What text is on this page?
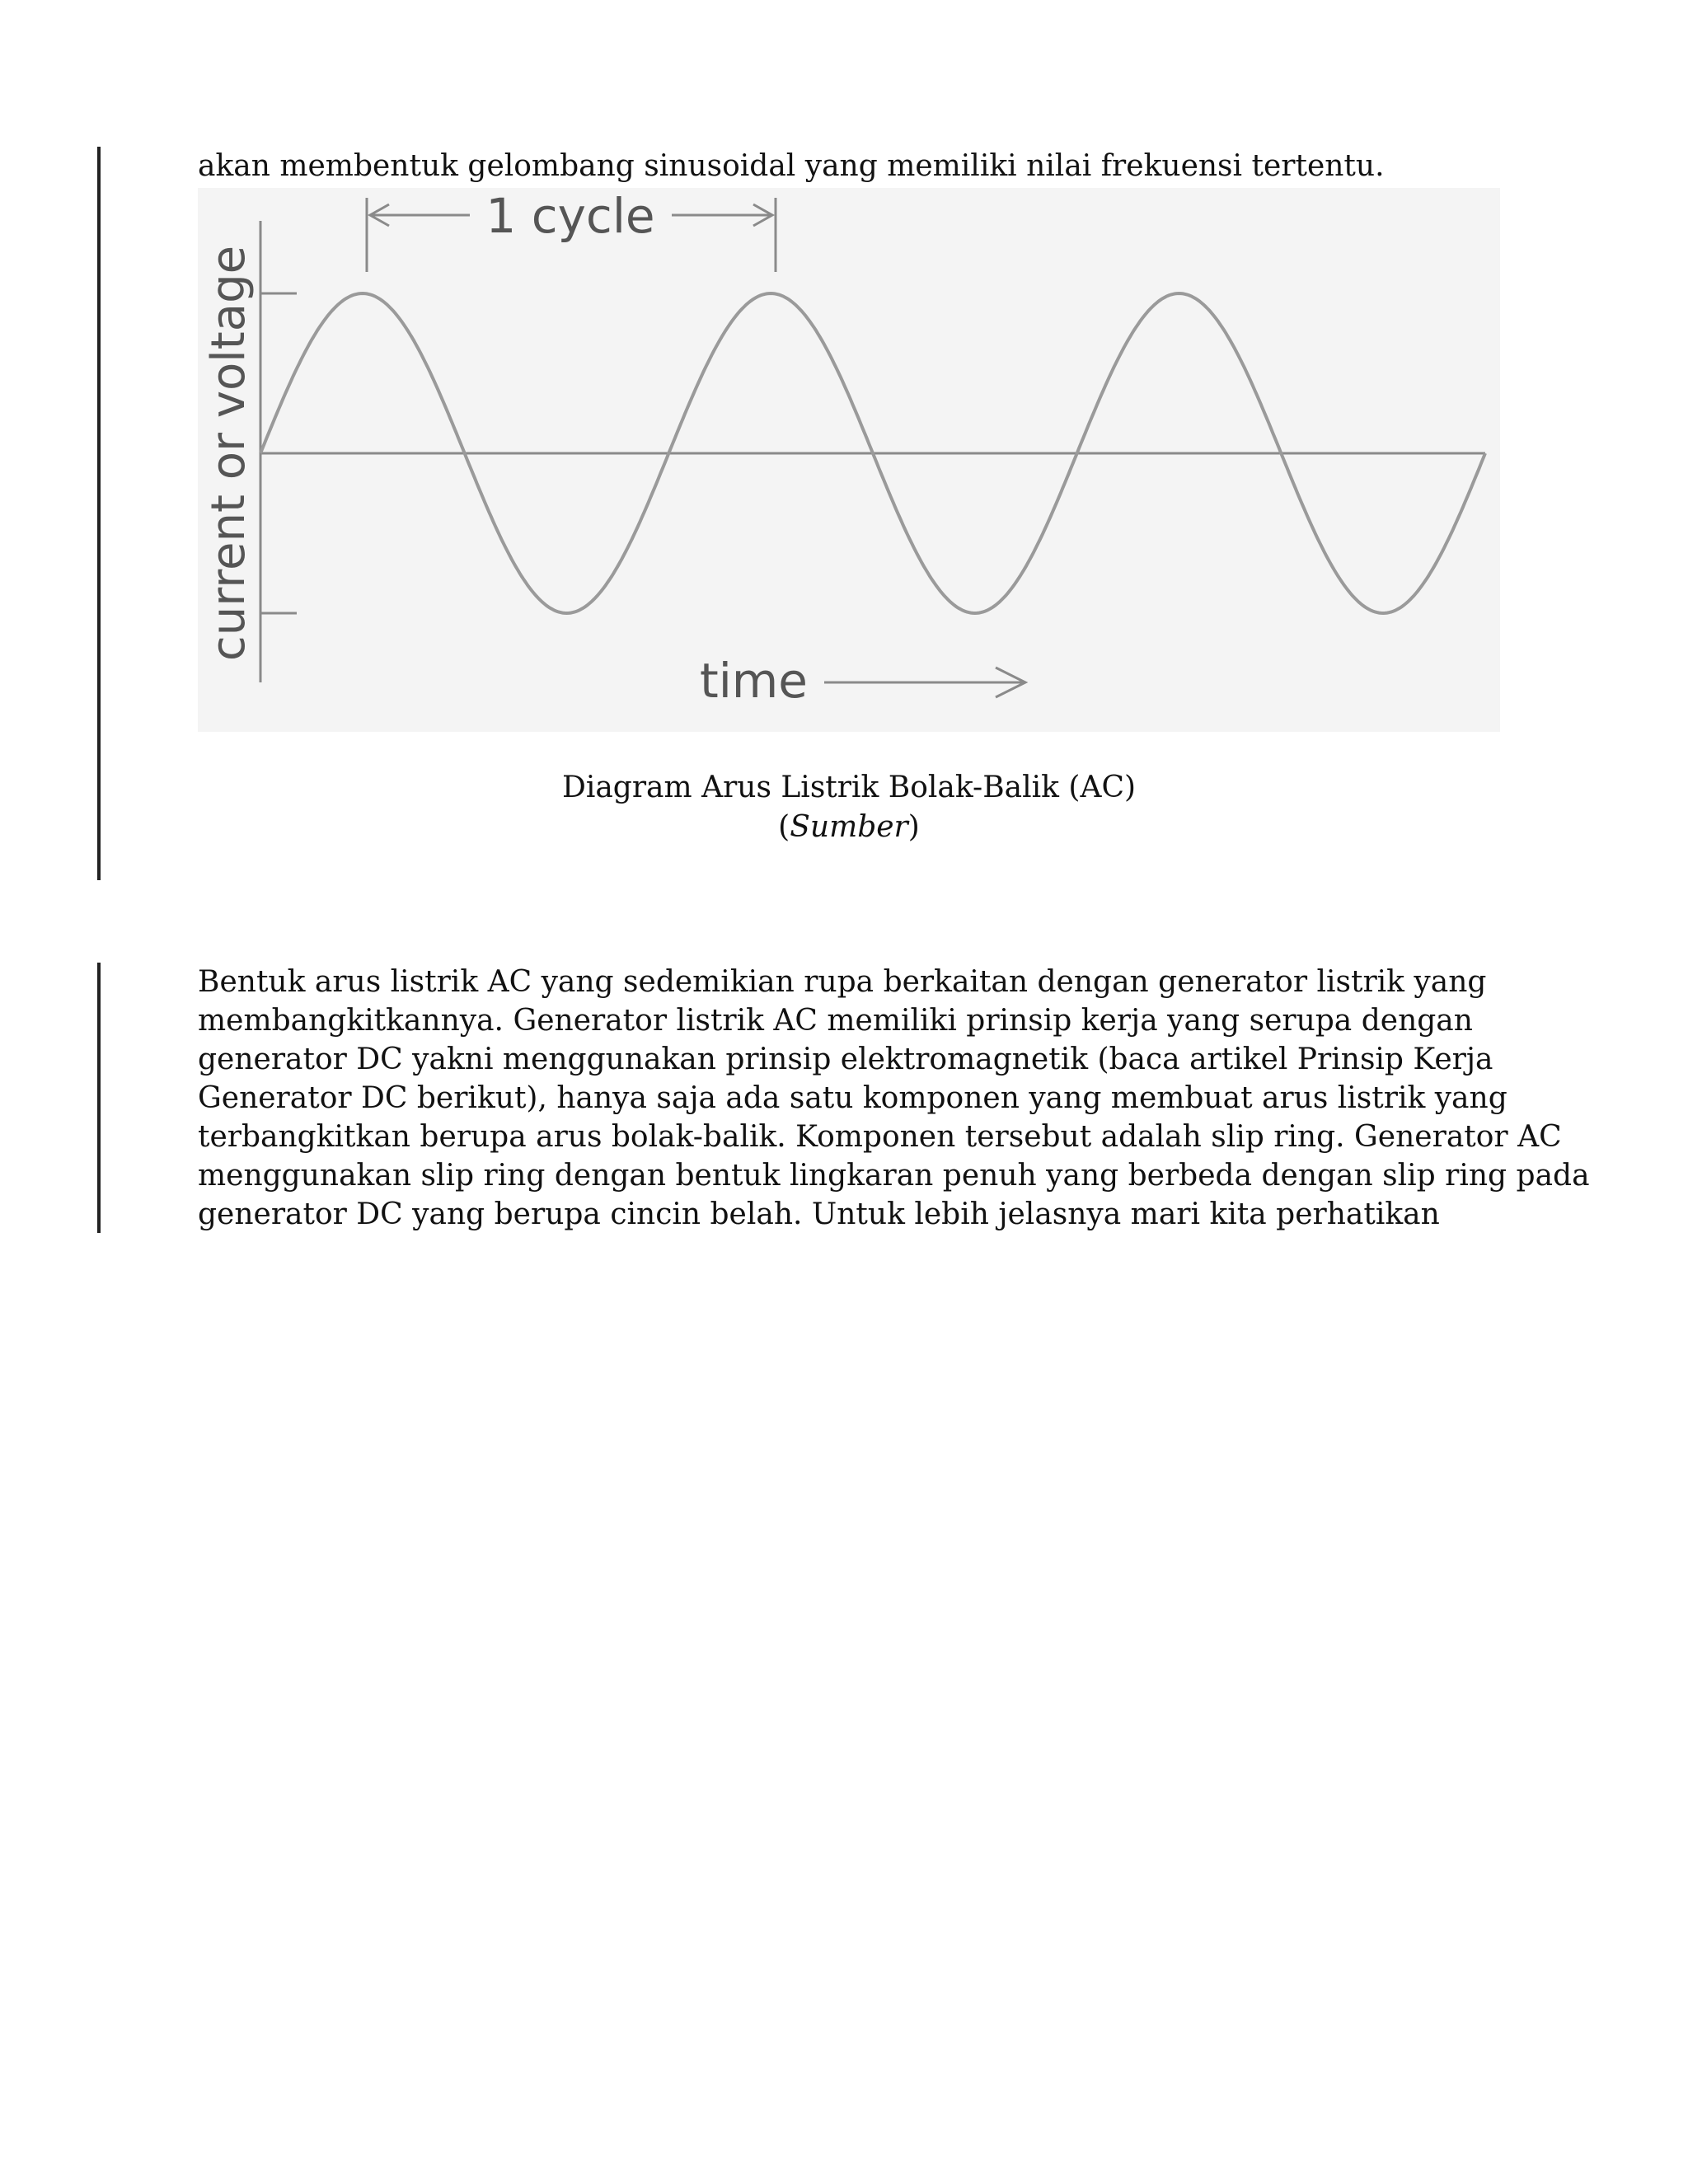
akan membentuk gelombang sinusoidal yang memiliki nilai frekuensi tertentu.
1 cycle
current or voltage
time
Diagram Arus Listrik Bolak-Balik (AC)
(Sumber)
Bentuk arus listrik AC yang sedemikian rupa berkaitan dengan generator listrik yang
membangkitkannya. Generator listrik AC memiliki prinsip kerja yang serupa dengan
generator DC yakni menggunakan prinsip elektromagnetik (baca artikel Prinsip Kerja
Generator DC berikut), hanya saja ada satu komponen yang membuat arus listrik yang
terbangkitkan berupa arus bolak-balik. Komponen tersebut adalah slip ring. Generator AC
menggunakan slip ring dengan bentuk lingkaran penuh yang berbeda dengan slip ring pada
generator DC yang berupa cincin belah. Untuk lebih jelasnya mari kita perhatikan
